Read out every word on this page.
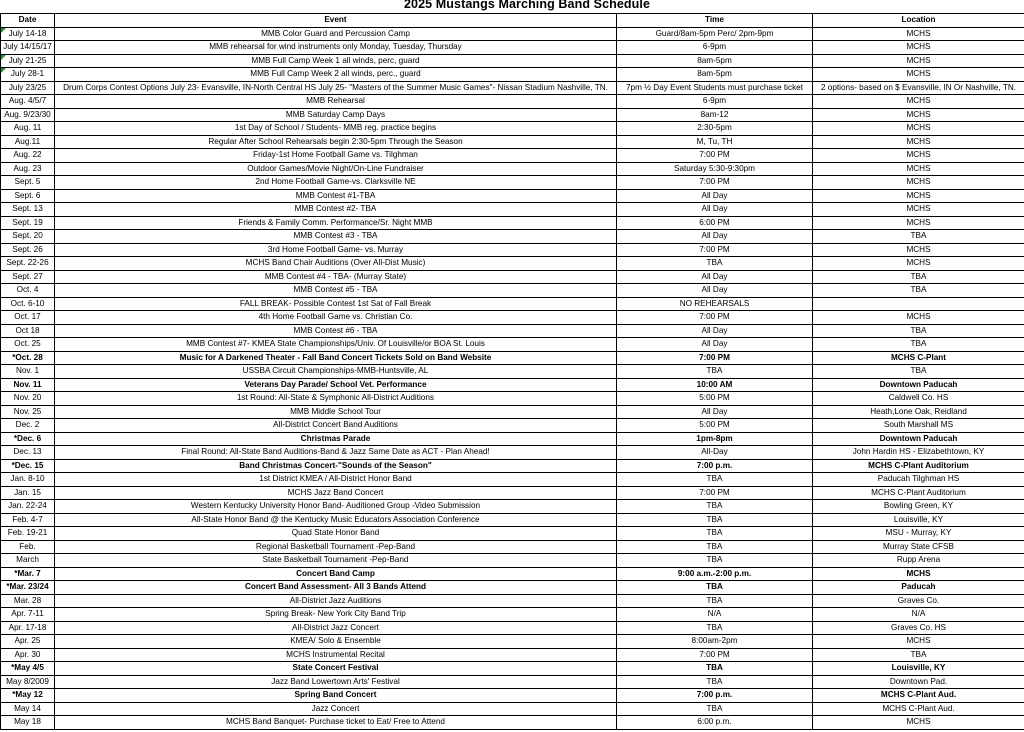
2025 Mustangs Marching Band Schedule
Date	Event	Time	Location

July 14-18	MMB Color Guard and Percussion Camp	Guard/8am-5pm Perc/ 2pm-9pm	MCHS
July 14/15/17	MMB rehearsal for wind instruments only Monday, Tuesday, Thursday	6-9pm	MCHS

July 21-25	MMB Full Camp Week 1 all winds, perc, guard	8am-5pm	MCHS

July 28-1	MMB Full Camp Week 2 all winds, perc., guard	8am-5pm	MCHS
July 23/25	Drum Corps Contest Options July 23- Evansville, IN-North Central HS July 25- "Masters of the Summer Music Games"- Nissan Stadium Nashville, TN.	7pm ½ Day Event Students must purchase ticket	2 options- based on $ Evansville, IN Or Nashville, TN.
Aug. 4/5/7	MMB Rehearsal	6-9pm	MCHS
Aug. 9/23/30	MMB Saturday Camp Days	8am-12	MCHS
Aug. 11	1st Day of School / Students- MMB reg. practice begins	2:30-5pm	MCHS
Aug.11	Regular After School Rehearsals begin 2:30-5pm Through the Season	M, Tu, TH	MCHS
Aug. 22	Friday-1st Home Football Game vs. Tilghman	7:00 PM	MCHS
Aug. 23	Outdoor Games/Movie Night/On-Line Fundraiser	Saturday 5:30-9:30pm	MCHS
Sept. 5	2nd Home Football Game-vs. Clarksville NE	7:00 PM	MCHS
Sept. 6	MMB Contest #1-TBA	All Day	MCHS
Sept. 13	MMB Contest #2- TBA	All Day	MCHS
Sept. 19	Friends & Family Comm. Performance/Sr. Night MMB	6:00 PM	MCHS
Sept. 20	MMB Contest #3 - TBA	All Day	TBA
Sept. 26	3rd Home Football Game- vs. Murray	7:00 PM	MCHS
Sept. 22-26	MCHS Band Chair Auditions (Over All-Dist Music)	TBA	MCHS
Sept. 27	MMB Contest #4 - TBA- (Murray State)	All Day	TBA
Oct. 4	MMB Contest #5 - TBA	All Day	TBA
Oct. 6-10	FALL BREAK- Possible Contest 1st Sat of Fall Break	NO REHEARSALS	
Oct. 17	4th Home Football Game vs. Christian Co.	7:00 PM	MCHS
Oct 18	MMB Contest #6 - TBA	All Day	TBA
Oct. 25	MMB Contest #7- KMEA State Championships/Univ. Of Louisville/or BOA St. Louis	All Day	TBA
*Oct. 28	Music for A Darkened Theater - Fall Band Concert Tickets Sold on Band Website	7:00 PM	MCHS C-Plant
Nov. 1	USSBA Circuit Championships-MMB-Huntsville, AL	TBA	TBA
Nov. 11	Veterans Day Parade/ School Vet. Performance	10:00 AM	Downtown Paducah
Nov. 20	1st Round: All-State & Symphonic All-District Auditions	5:00 PM	Caldwell Co. HS
Nov. 25	MMB Middle School Tour	All Day	Heath,Lone Oak, Reidland
Dec. 2	All-District Concert Band Auditions	5:00 PM	South Marshall MS
*Dec. 6	Christmas Parade	1pm-8pm	Downtown Paducah
Dec. 13	Final Round: All-State Band Auditions-Band & Jazz Same Date as ACT - Plan Ahead!	All-Day	John Hardin HS - Elizabethtown, KY
*Dec. 15	Band Christmas Concert-"Sounds of the Season"	7:00 p.m.	MCHS C-Plant Auditorium
Jan. 8-10	1st District KMEA / All-District Honor Band	TBA	Paducah Tilghman HS
Jan. 15	MCHS Jazz Band Concert	7:00 PM	MCHS C-Plant Auditorium
Jan. 22-24	Western Kentucky University Honor Band- Auditioned Group -Video Submission	TBA	Bowling Green, KY
Feb. 4-7	All-State Honor Band @ the Kentucky Music Educators Association Conference	TBA	Louisville, KY
Feb. 19-21	Quad State Honor Band	TBA	MSU - Murray, KY
Feb.	Regional Basketball Tournament -Pep-Band	TBA	Murray State CFSB
March	State Basketball Tournament -Pep-Band	TBA	Rupp Arena
*Mar. 7	Concert Band Camp	9:00 a.m.-2:00 p.m.	MCHS
*Mar. 23/24	Concert Band Assessment- All 3 Bands Attend	TBA	Paducah
Mar. 28	All-District Jazz Auditions	TBA	Graves Co.
Apr. 7-11	Spring Break- New York City Band Trip	N/A	N/A
Apr. 17-18	All-District Jazz Concert	TBA	Graves Co. HS
Apr. 25	KMEA/ Solo & Ensemble	8:00am-2pm	MCHS
Apr. 30	MCHS Instrumental Recital	7:00 PM	TBA
*May 4/5	State Concert Festival	TBA	Louisville, KY
May 8/2009	Jazz Band Lowertown Arts' Festival	TBA	Downtown Pad.
*May 12	Spring Band Concert	7:00 p.m.	MCHS C-Plant Aud.
May 14	Jazz Concert	TBA	MCHS C-Plant Aud.
May 18	MCHS Band Banquet- Purchase ticket to Eat/ Free to Attend	6:00 p.m.	MCHS
